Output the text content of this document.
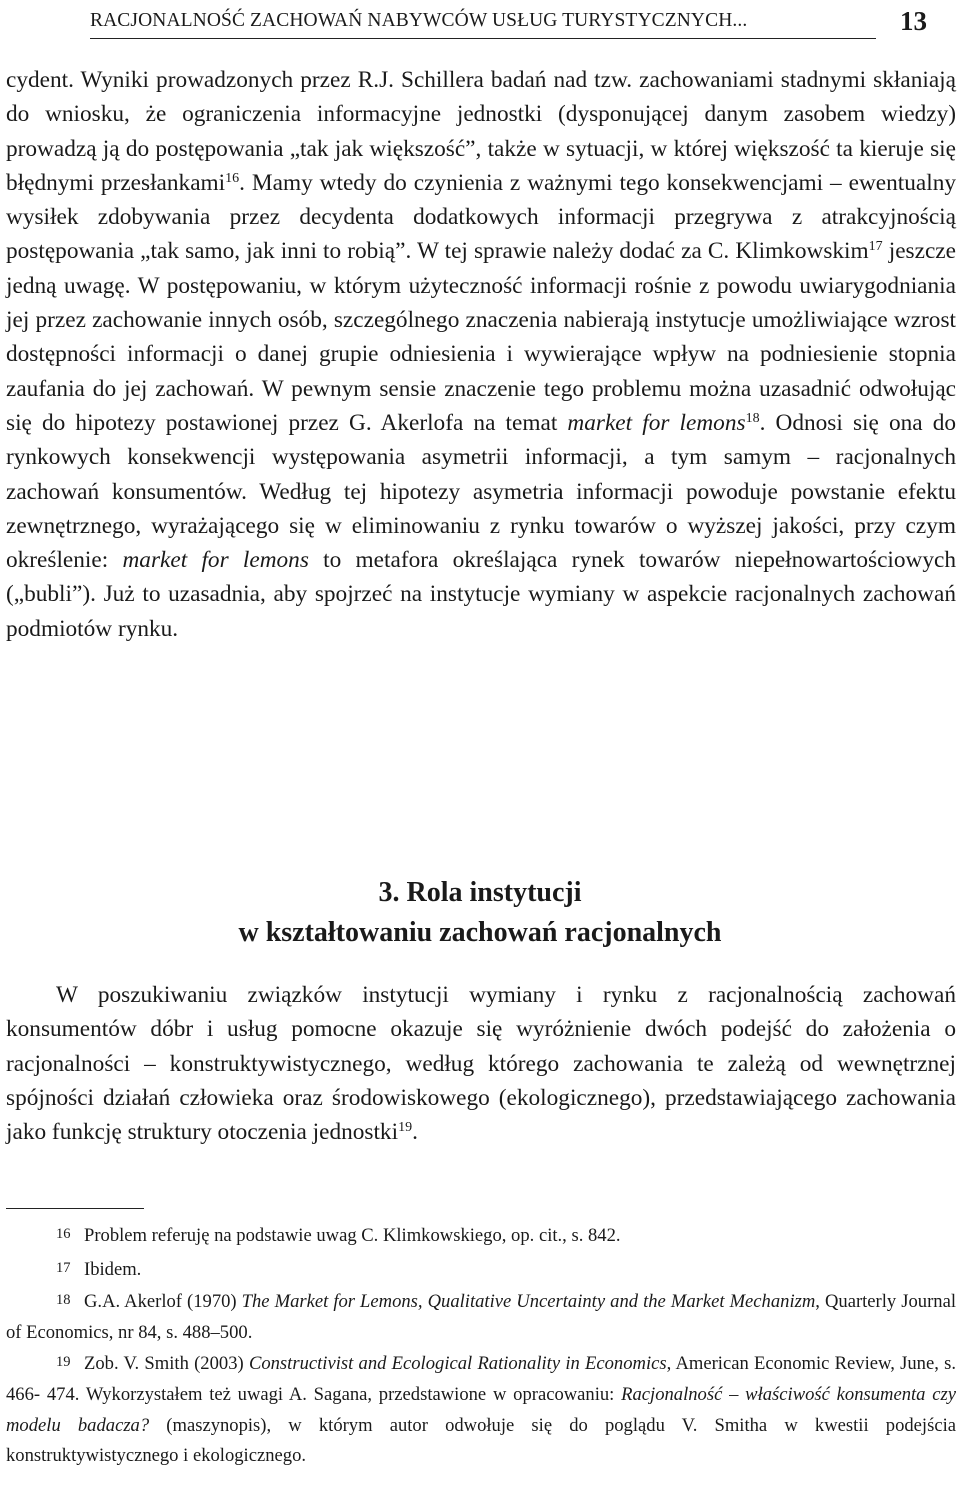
RACJONALNOŚĆ ZACHOWAŃ NABYWCÓW USŁUG TURYSTYCZNYCH...	13

cydent. Wyniki prowadzonych przez R.J. Schillera badań nad tzw. zachowaniami stadnymi skłaniają do wniosku, że ograniczenia informacyjne jednostki (dysponującej danym zasobem wiedzy) prowadzą ją do postępowania „tak jak większość”, także w sytuacji, w której większość ta kieruje się błędnymi przesłankami$^{16}$. Mamy wtedy do czynienia z ważnymi tego konsekwencjami – ewentualny wysiłek zdobywania przez decydenta dodatkowych informacji przegrywa z atrakcyjnością postępowania „tak samo, jak inni to robią”. W tej sprawie należy dodać za C. Klimkowskim$^{17}$ jeszcze jedną uwagę. W postępowaniu, w którym użyteczność informacji rośnie z powodu uwiarygodniania jej przez zachowanie innych osób, szczególnego znaczenia nabierają instytucje umożliwiające wzrost dostępności informacji o danej grupie odniesienia i wywierające wpływ na podniesienie stopnia zaufania do jej zachowań. W pewnym sensie znaczenie tego problemu można uzasadnić odwołując się do hipotezy postawionej przez G. Akerlofa na temat market for lemons$^{18}$. Odnosi się ona do rynkowych konsekwencji występowania asymetrii informacji, a tym samym – racjonalnych zachowań konsumentów. Według tej hipotezy asymetria informacji powoduje powstanie efektu zewnętrznego, wyrażającego się w eliminowaniu z rynku towarów o wyższej jakości, przy czym określenie: market for lemons to metafora określająca rynek towarów niepełnowartościowych („bubli”). Już to uzasadnia, aby spojrzeć na instytucje wymiany w aspekcie racjonalnych zachowań podmiotów rynku.

3. Rola instytucji
w kształtowaniu zachowań racjonalnych

W poszukiwaniu związków instytucji wymiany i rynku z racjonalnością zachowań konsumentów dóbr i usług pomocne okazuje się wyróżnienie dwóch podejść do założenia o racjonalności – konstruktywistycznego, według którego zachowania te zależą od wewnętrznej spójności działań człowieka oraz środowiskowego (ekologicznego), przedstawiającego zachowania jako funkcję struktury otoczenia jednostki$^{19}$.

16 Problem referuję na podstawie uwag C. Klimkowskiego, op. cit., s. 842.
17 Ibidem.
18 G.A. Akerlof (1970) The Market for Lemons, Qualitative Uncertainty and the Market Mechanizm, Quarterly Journal of Economics, nr 84, s. 488–500.
19 Zob. V. Smith (2003) Constructivist and Ecological Rationality in Economics, American Economic Review, June, s. 466- 474. Wykorzystałem też uwagi A. Sagana, przedstawione w opracowaniu: Racjonalność – właściwość konsumenta czy modelu badacza? (maszynopis), w którym autor odwołuje się do poglądu V. Smitha w kwestii podejścia konstruktywistycznego i ekologicznego.
